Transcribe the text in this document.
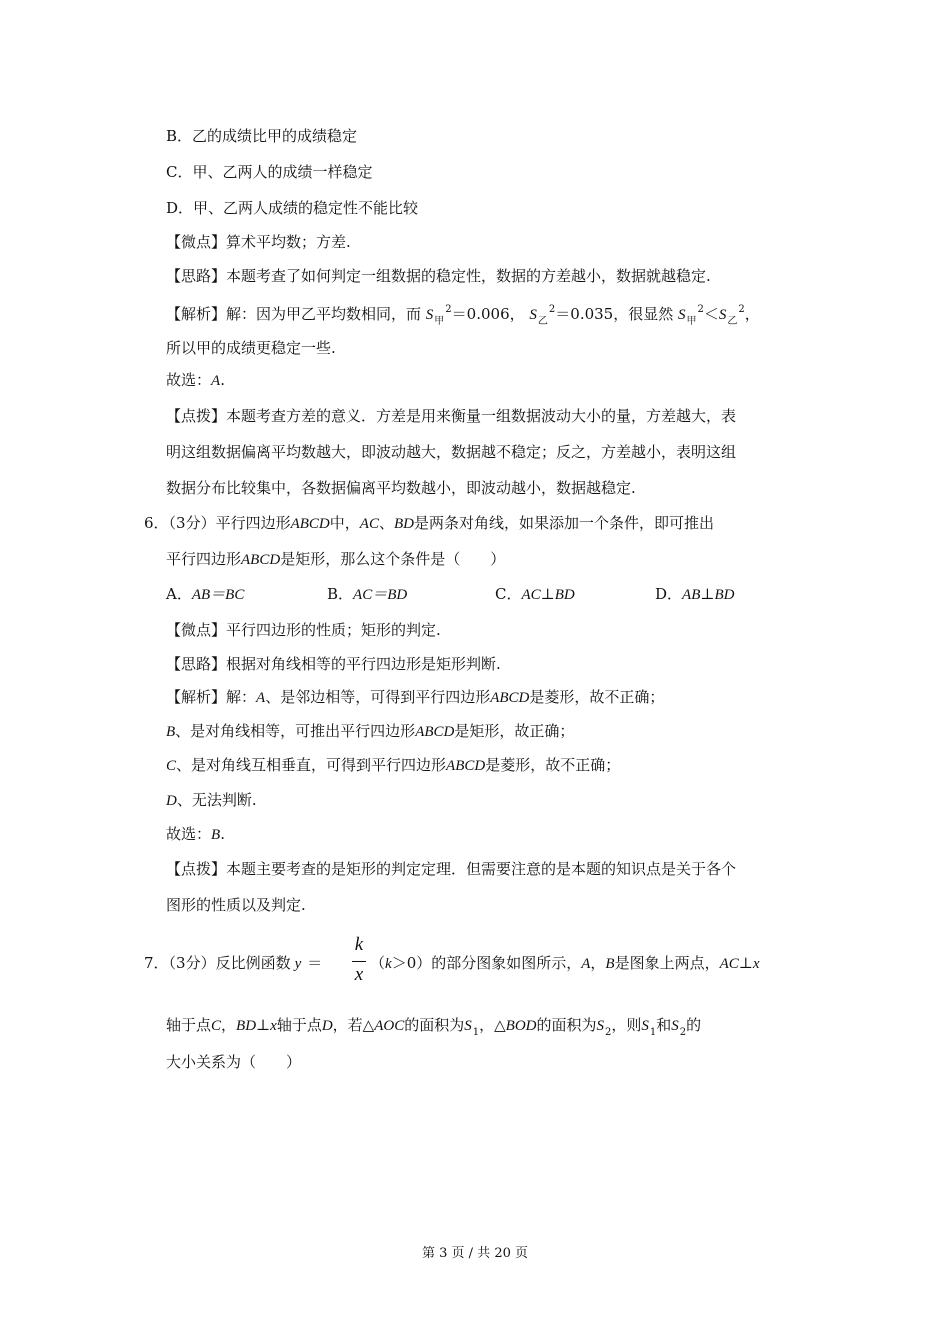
B．乙的成绩比甲的成绩稳定
C．甲、乙两人的成绩一样稳定
D．甲、乙两人成绩的稳定性不能比较
【微点】算术平均数；方差.
【思路】本题考查了如何判定一组数据的稳定性，数据的方差越小，数据就越稳定.
【解析】解：因为甲乙平均数相同，而 $S_甲^2=0.006$， $S_乙^2=0.035$，很显然 $S_甲^2<S_乙^2$，
所以甲的成绩更稳定一些.
故选：A.
【点拨】本题考查方差的意义．方差是用来衡量一组数据波动大小的量，方差越大，表
明这组数据偏离平均数越大，即波动越大，数据越不稳定；反之，方差越小，表明这组
数据分布比较集中，各数据偏离平均数越小，即波动越小，数据越稳定.
6．（3分）平行四边形ABCD中，AC、BD是两条对角线，如果添加一个条件，即可推出
平行四边形ABCD是矩形，那么这个条件是（　　）
A．AB＝BC	B．AC＝BD	C．AC⊥BD	D．AB⊥BD
【微点】平行四边形的性质；矩形的判定.
【思路】根据对角线相等的平行四边形是矩形判断.
【解析】解：A、是邻边相等，可得到平行四边形ABCD是菱形，故不正确；
B、是对角线相等，可推出平行四边形ABCD是矩形，故正确；
C、是对角线互相垂直，可得到平行四边形ABCD是菱形，故不正确；
D、无法判断.
故选：B.
【点拨】本题主要考查的是矩形的判定定理．但需要注意的是本题的知识点是关于各个
图形的性质以及判定.
7．（3分）反比例函数 y ＝
k
x
（k＞0）的部分图象如图所示，A，B是图象上两点，AC⊥x
轴于点C，BD⊥x轴于点D，若△AOC的面积为$S_1$，△BOD的面积为$S_2$，则$S_1$和$S_2$的
大小关系为（　　）
第 3 页 / 共 20 页
